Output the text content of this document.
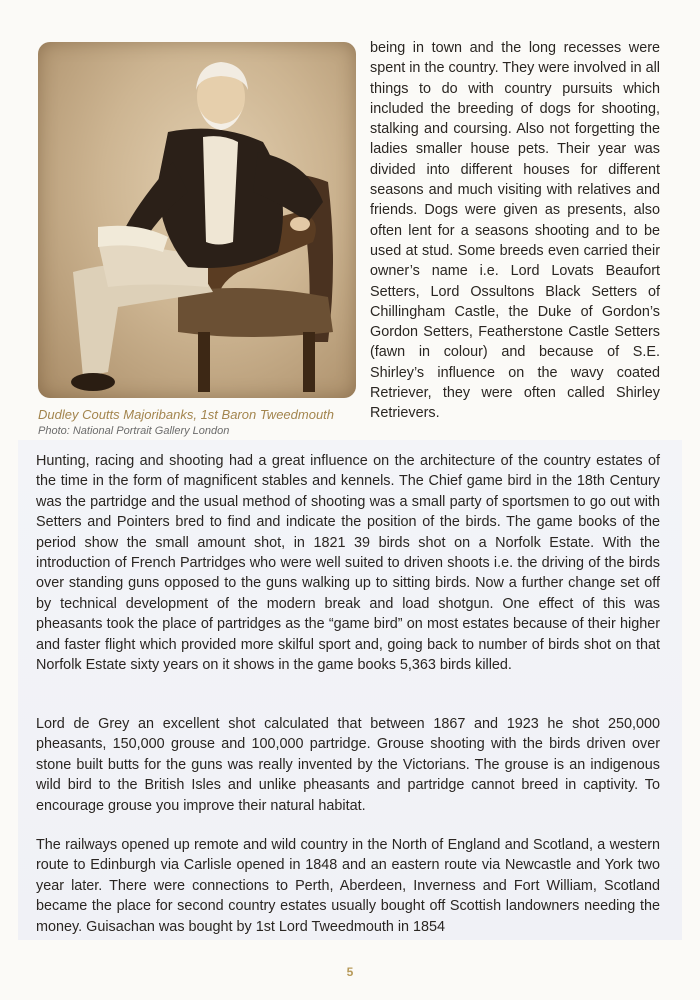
Dudley Coutts Majoribanks, 1st Baron Tweedmouth
Photo: National Portrait Gallery London

being in town and the long recesses were spent in the country. They were involved in all things to do with country pursuits which included the breeding of dogs for shooting, stalking and coursing. Also not forgetting the ladies smaller house pets. Their year was divided into different houses for different seasons and much visiting with relatives and friends. Dogs were given as presents, also often lent for a seasons shooting and to be used at stud. Some breeds even carried their owner’s name i.e. Lord Lovats Beaufort Setters, Lord Ossultons Black Setters of Chillingham Castle, the Duke of Gordon’s Gordon Setters, Featherstone Castle Setters (fawn in colour) and because of S.E. Shirley’s influence on the wavy coated Retriever, they were often called Shirley Retrievers.

Hunting, racing and shooting had a great influence on the architecture of the country estates of the time in the form of magnificent stables and kennels. The Chief game bird in the 18th Century was the partridge and the usual method of shooting was a small party of sportsmen to go out with Setters and Pointers bred to find and indicate the position of the birds. The game books of the period show the small amount shot, in 1821 39 birds shot on a Norfolk Estate. With the introduction of French Partridges who were well suited to driven shoots i.e. the driving of the birds over standing guns opposed to the guns walking up to sitting birds. Now a further change set off by technical development of the modern break and load shotgun. One effect of this was pheasants took the place of partridges as the “game bird” on most estates because of their higher and faster flight which provided more skilful sport and, going back to number of birds shot on that Norfolk Estate sixty years on it shows in the game books 5,363 birds killed.

Lord de Grey an excellent shot calculated that between 1867 and 1923 he shot 250,000 pheasants, 150,000 grouse and 100,000 partridge. Grouse shooting with the birds driven over stone built butts for the guns was really invented by the Victorians. The grouse is an indigenous wild bird to the British Isles and unlike pheasants and partridge cannot breed in captivity. To encourage grouse you improve their natural habitat.

The railways opened up remote and wild country in the North of England and Scotland, a western route to Edinburgh via Carlisle opened in 1848 and an eastern route via Newcastle and York two year later. There were connections to Perth, Aberdeen, Inverness and Fort William, Scotland became the place for second country estates usually bought off Scottish landowners needing the money. Guisachan was bought by 1st Lord Tweedmouth in 1854

5
